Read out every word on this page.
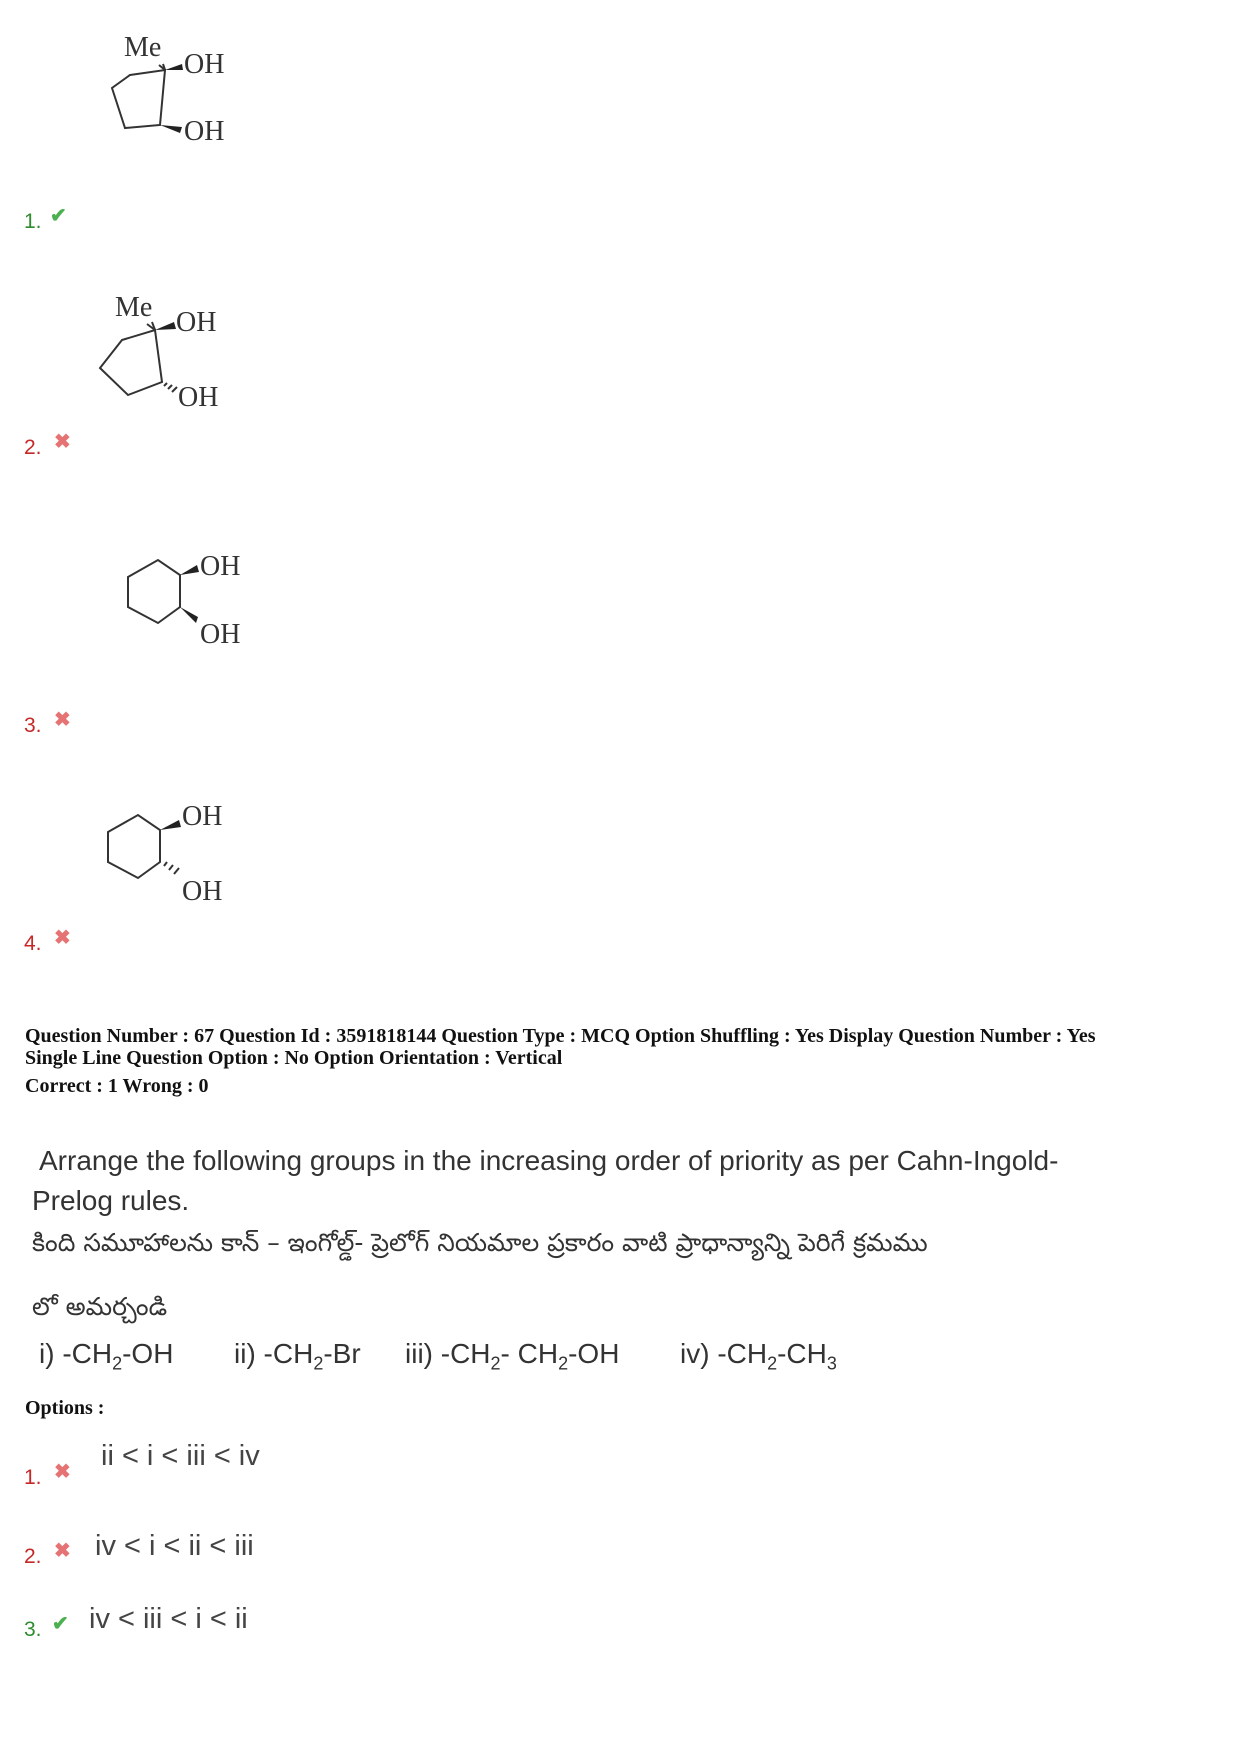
Me
OH
OH
1. ✔
Me OH
OH
2. ✖
OH
OH
3. ✖
OH
OH
4. ✖
Question Number : 67 Question Id : 3591818144 Question Type : MCQ Option Shuffling : Yes Display Question Number : Yes
Single Line Question Option : No Option Orientation : Vertical
Correct : 1 Wrong : 0
Arrange the following groups in the increasing order of priority as per Cahn-Ingold-
Prelog rules.
కింది సమూహాలను కాన్ – ఇంగోల్డ్- ప్రెలోగ్ నియమాల ప్రకారం వాటి ప్రాధాన్యాన్ని పెరిగే క్రమము
లో అమర్చండి
i) $-CH_2-OH$ ii) $-CH_2-Br$ iii) $-CH_2-$ $CH_2-OH$ iv) $-CH_2-CH_3$
Options :
1. ✖ ii < i < iii < iv
2. ✖ iv < i < ii < iii
3. ✔ iv < iii < i < ii
